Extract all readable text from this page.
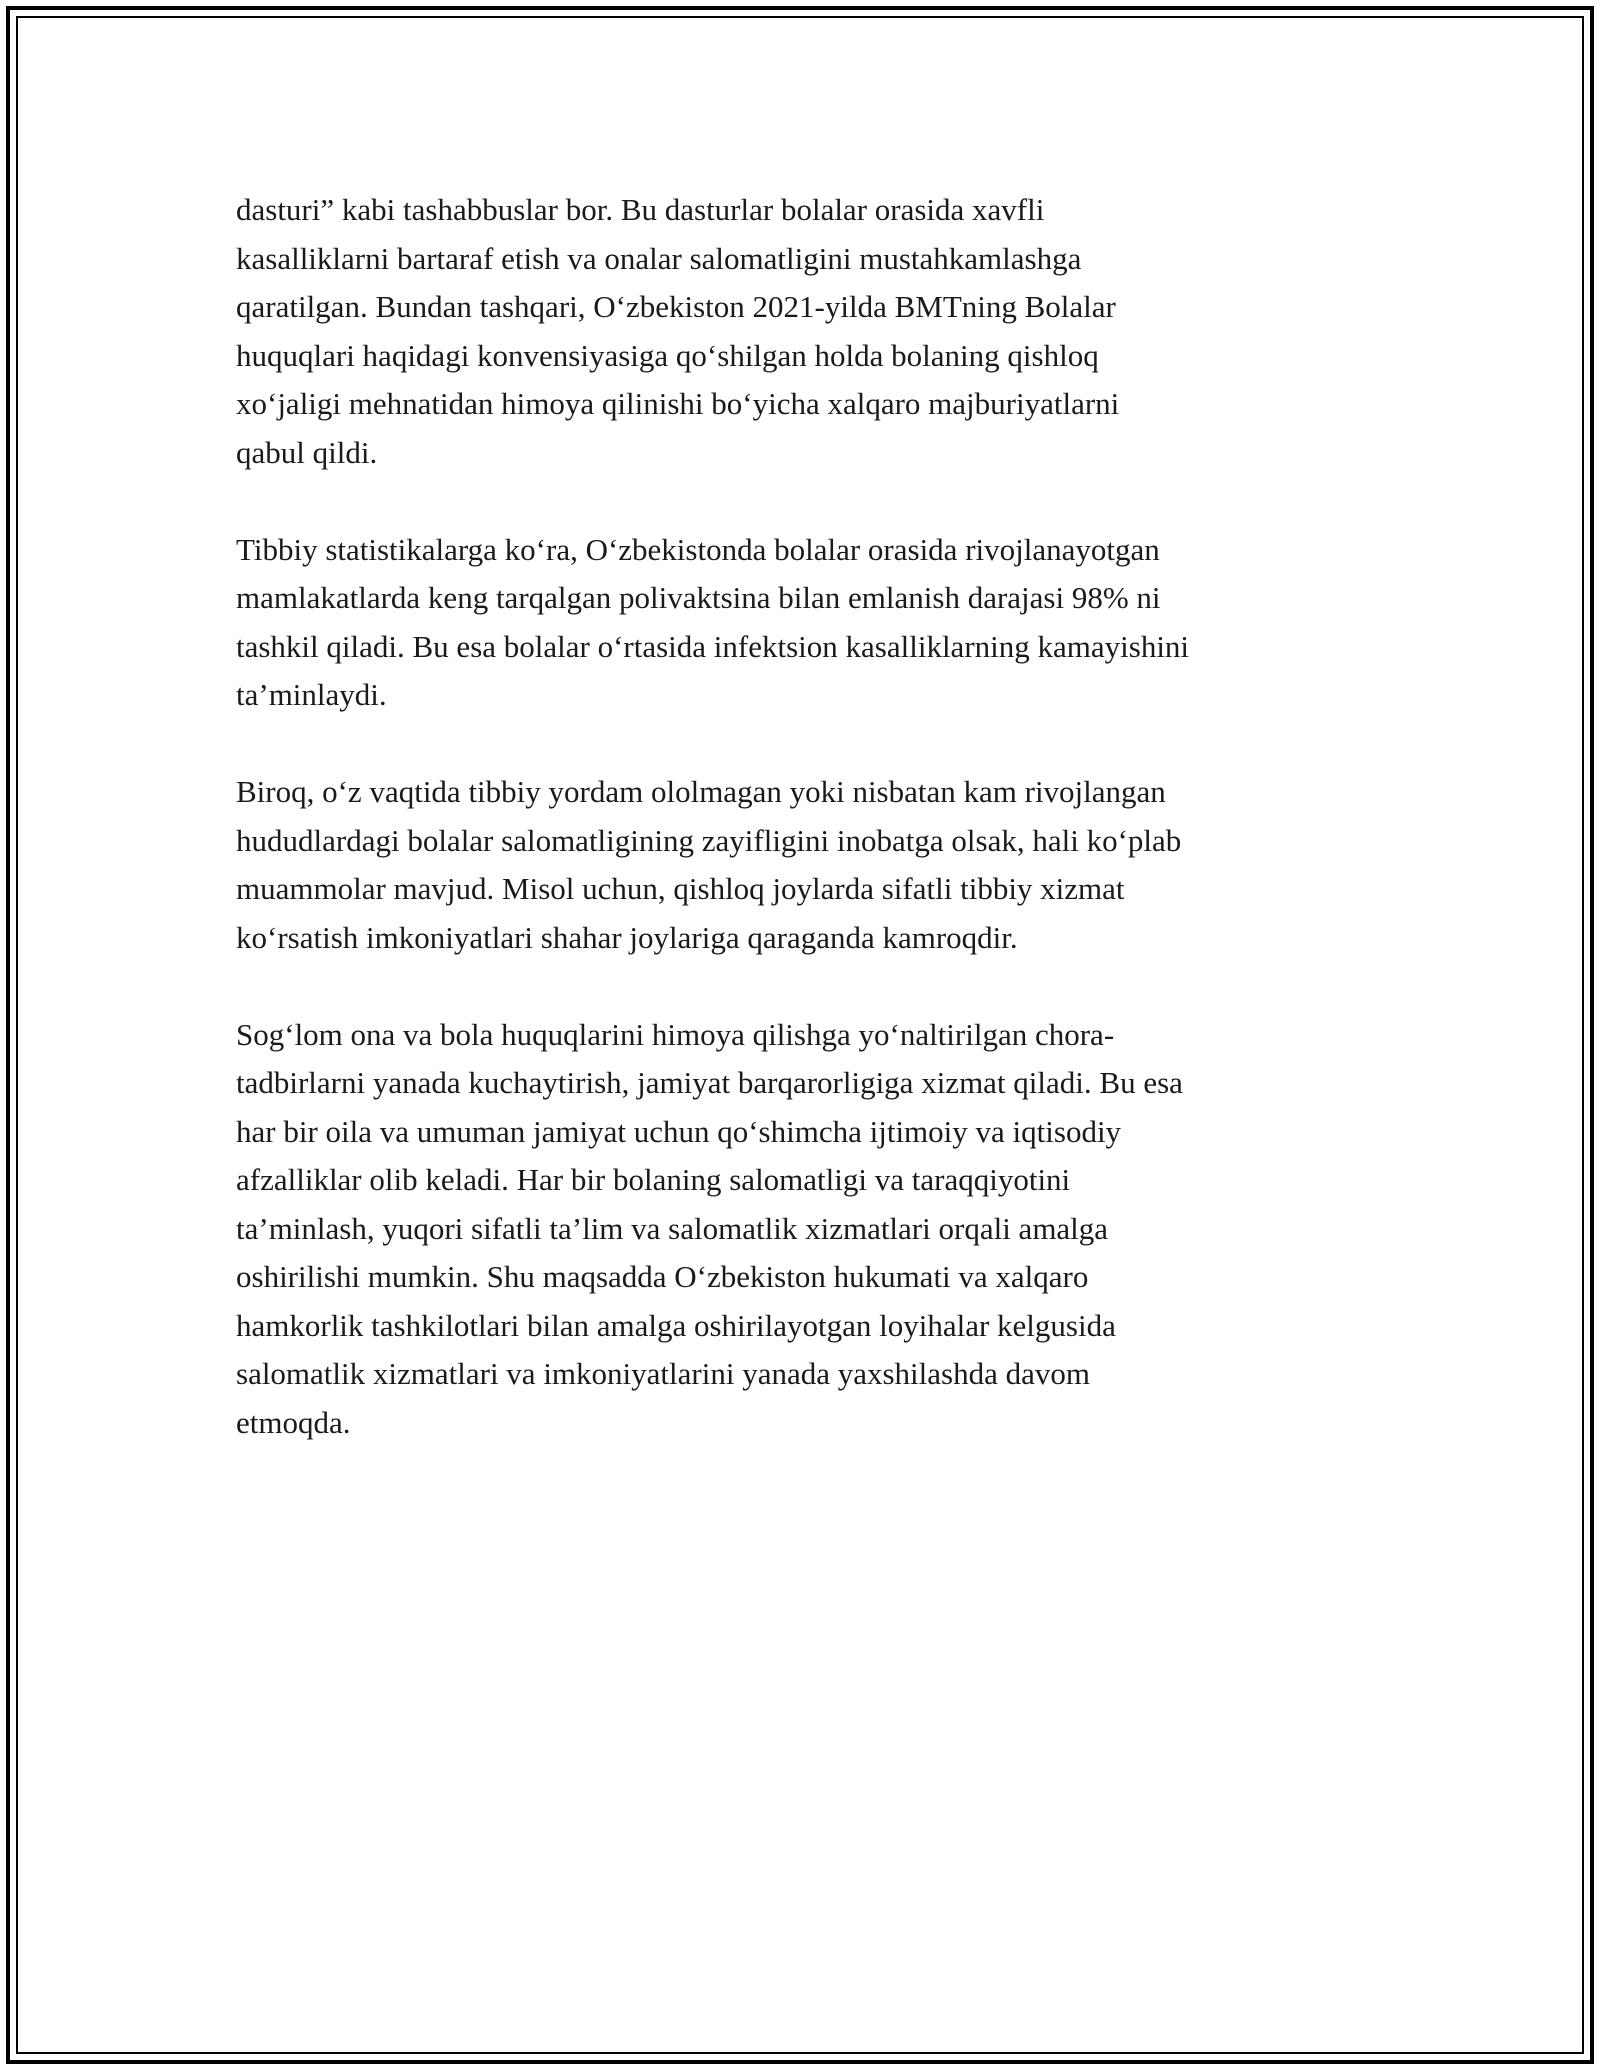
dasturi” kabi tashabbuslar bor. Bu dasturlar bolalar orasida xavfli
kasalliklarni bartaraf etish va onalar salomatligini mustahkamlashga
qaratilgan. Bundan tashqari, O‘zbekiston 2021-yilda BMTning Bolalar
huquqlari haqidagi konvensiyasiga qo‘shilgan holda bolaning qishloq
xo‘jaligi mehnatidan himoya qilinishi bo‘yicha xalqaro majburiyatlarni
qabul qildi.

Tibbiy statistikalarga ko‘ra, O‘zbekistonda bolalar orasida rivojlanayotgan
mamlakatlarda keng tarqalgan polivaktsina bilan emlanish darajasi 98% ni
tashkil qiladi. Bu esa bolalar o‘rtasida infektsion kasalliklarning kamayishini
ta’minlaydi.

Biroq, o‘z vaqtida tibbiy yordam ololmagan yoki nisbatan kam rivojlangan
hududlardagi bolalar salomatligining zayifligini inobatga olsak, hali ko‘plab
muammolar mavjud. Misol uchun, qishloq joylarda sifatli tibbiy xizmat
ko‘rsatish imkoniyatlari shahar joylariga qaraganda kamroqdir.

Sog‘lom ona va bola huquqlarini himoya qilishga yo‘naltirilgan chora-
tadbirlarni yanada kuchaytirish, jamiyat barqarorligiga xizmat qiladi. Bu esa
har bir oila va umuman jamiyat uchun qo‘shimcha ijtimoiy va iqtisodiy
afzalliklar olib keladi. Har bir bolaning salomatligi va taraqqiyotini
ta’minlash, yuqori sifatli ta’lim va salomatlik xizmatlari orqali amalga
oshirilishi mumkin. Shu maqsadda O‘zbekiston hukumati va xalqaro
hamkorlik tashkilotlari bilan amalga oshirilayotgan loyihalar kelgusida
salomatlik xizmatlari va imkoniyatlarini yanada yaxshilashda davom
etmoqda.
